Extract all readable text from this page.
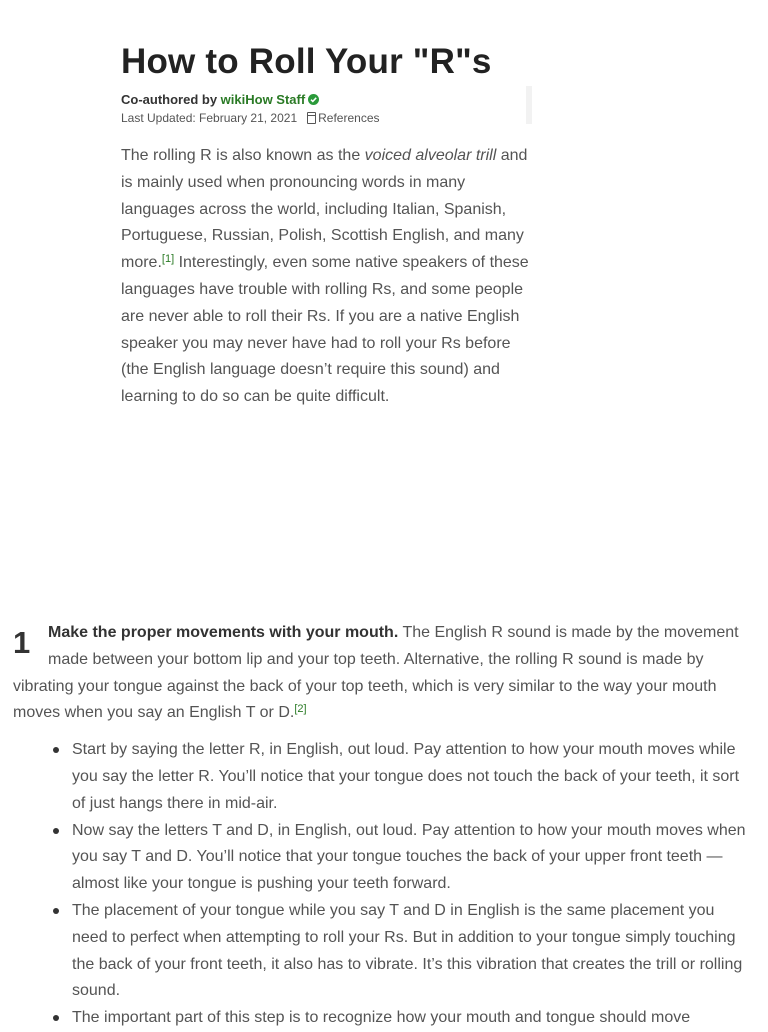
How to Roll Your "R"s
Co-authored by wikiHow Staff
Last Updated: February 21, 2021 References

The rolling R is also known as the voiced alveolar trill and is mainly used when pronouncing words in many languages across the world, including Italian, Spanish, Portuguese, Russian, Polish, Scottish English, and many more.[1] Interestingly, even some native speakers of these languages have trouble with rolling Rs, and some people are never able to roll their Rs. If you are a native English speaker you may never have had to roll your Rs before (the English language doesn’t require this sound) and learning to do so can be quite difficult.

1	Make the proper movements with your mouth. The English R sound is made by the movement made between your bottom lip and your top teeth. Alternative, the rolling R sound is made by vibrating your tongue against the back of your top teeth, which is very similar to the way your mouth moves when you say an English T or D.[2]

Start by saying the letter R, in English, out loud. Pay attention to how your mouth moves while you say the letter R. You’ll notice that your tongue does not touch the back of your teeth, it sort of just hangs there in mid-air.
Now say the letters T and D, in English, out loud. Pay attention to how your mouth moves when you say T and D. You’ll notice that your tongue touches the back of your upper front teeth — almost like your tongue is pushing your teeth forward.
The placement of your tongue while you say T and D in English is the same placement you need to perfect when attempting to roll your Rs. But in addition to your tongue simply touching the back of your front teeth, it also has to vibrate. It’s this vibration that creates the trill or rolling sound.
The important part of this step is to recognize how your mouth and tongue should move
